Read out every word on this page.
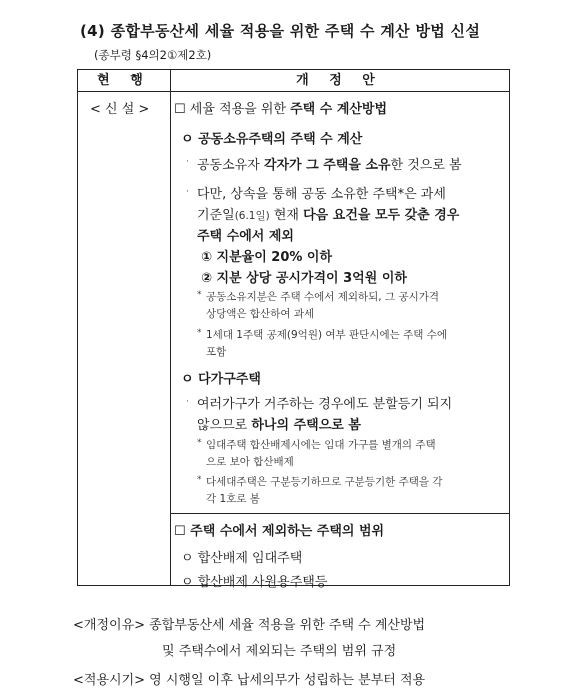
(4) 종합부동산세 세율 적용을 위한 주택 수 계산 방법 신설
(종부령 §4의2①제2호)
현 행	개 정 안
< 신 설 > ☐ 세율 적용을 위한 주택 수 계산방법
ㅇ 공동소유주택의 주택 수 계산
· 공동소유자 각자가 그 주택을 소유한 것으로 봄
· 다만, 상속을 통해 공동 소유한 주택*은 과세
기준일(6.1일) 현재 다음 요건을 모두 갖춘 경우
주택 수에서 제외
① 지분율이 20% 이하
② 지분 상당 공시가격이 3억원 이하
* 공동소유지분은 주택 수에서 제외하되, 그 공시가격
상당액은 합산하여 과세
* 1세대 1주택 공제(9억원) 여부 판단시에는 주택 수에
포함
ㅇ 다가구주택
· 여러가구가 거주하는 경우에도 분할등기 되지
않으므로 하나의 주택으로 봄
* 임대주택 합산배제시에는 임대 가구를 별개의 주택
으로 보아 합산배제
* 다세대주택은 구분등기하므로 구분등기한 주택을 각
각 1호로 봄
☐ 주택 수에서 제외하는 주택의 범위
ㅇ 합산배제 임대주택
ㅇ 합산배제 사원용주택등
<개정이유> 종합부동산세 세율 적용을 위한 주택 수 계산방법
및 주택수에서 제외되는 주택의 범위 규정
<적용시기> 영 시행일 이후 납세의무가 성립하는 분부터 적용
